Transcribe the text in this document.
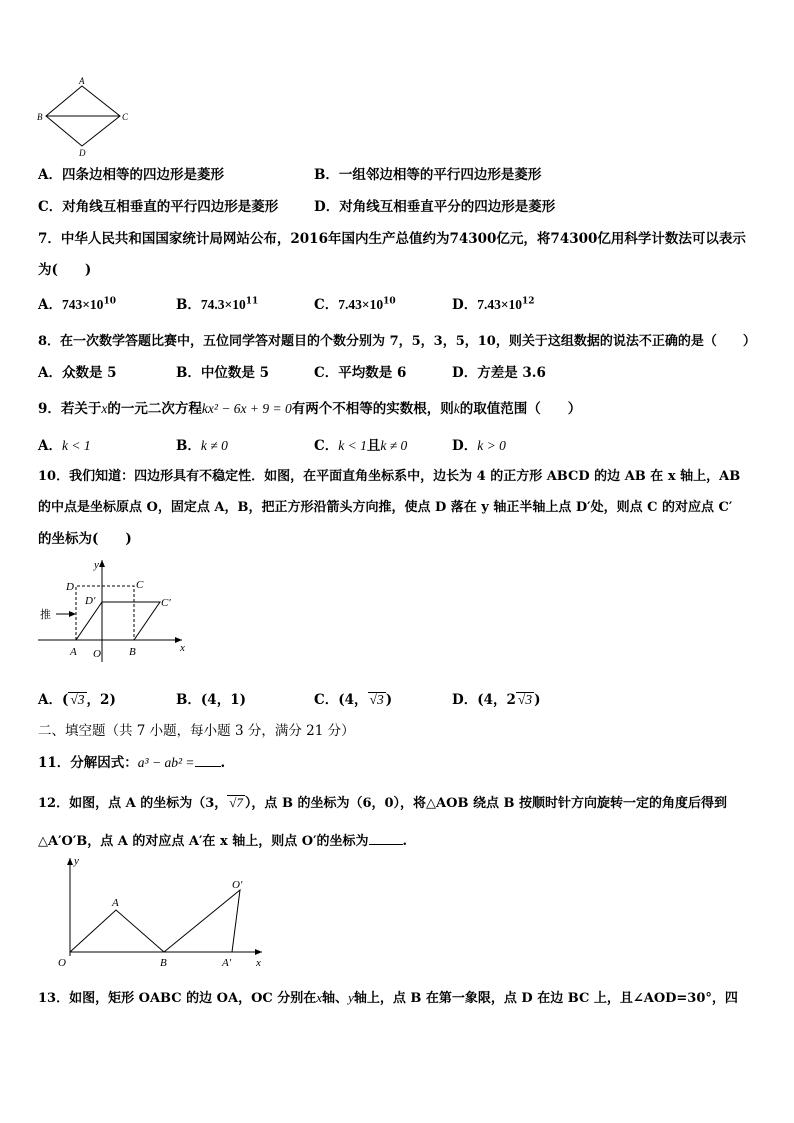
A
B	C
D
A．四条边相等的四边形是菱形	B．一组邻边相等的平行四边形是菱形
C．对角线互相垂直的平行四边形是菱形	D．对角线互相垂直平分的四边形是菱形
7．中华人民共和国国家统计局网站公布，2016年国内生产总值约为74300亿元，将74300亿用科学计数法可以表示
为(　　)
A．$743\times 10^{10}$	B．$74.3\times 10^{11}$	C．$7.43\times 10^{10}$	D．$7.43\times 10^{12}$
8．在一次数学答题比赛中，五位同学答对题目的个数分别为 7，5，3，5，10，则关于这组数据的说法不正确的是（　　）
A．众数是 5	B．中位数是 5	C．平均数是 6	D．方差是 3.6
9．若关于x的一元二次方程kx² − 6x + 9 = 0有两个不相等的实数根，则k的取值范围（　　）
A．k < 1	B．k ≠ 0	C．k < 1且k ≠ 0	D．k > 0
10．我们知道：四边形具有不稳定性．如图，在平面直角坐标系中，边长为 4 的正方形 ABCD 的边 AB 在 x 轴上，AB
的中点是坐标原点 O，固定点 A，B，把正方形沿箭头方向推，使点 D 落在 y 轴正半轴上点 D′处，则点 C 的对应点 C′
的坐标为(　　)
推
D
D′
C
C′
y
x
A O	B
A．( √3 ，2)	B．(4，1)	C．(4， √3 )	D．(4，2 √3 )
二、填空题（共 7 小题，每小题 3 分，满分 21 分）
11．分解因式：a³ − ab² = .
12．如图，点 A 的坐标为（3， √7 ），点 B 的坐标为（6，0），将△AOB 绕点 B 按顺时针方向旋转一定的角度后得到
△A′O′B，点 A 的对应点 A′在 x 轴上，则点 O′的坐标为	.
y
A
O′
O	B	A′ x
13．如图，矩形 OABC 的边 OA，OC 分别在x轴、y轴上，点 B 在第一象限，点 D 在边 BC 上，且∠AOD=30°，四
